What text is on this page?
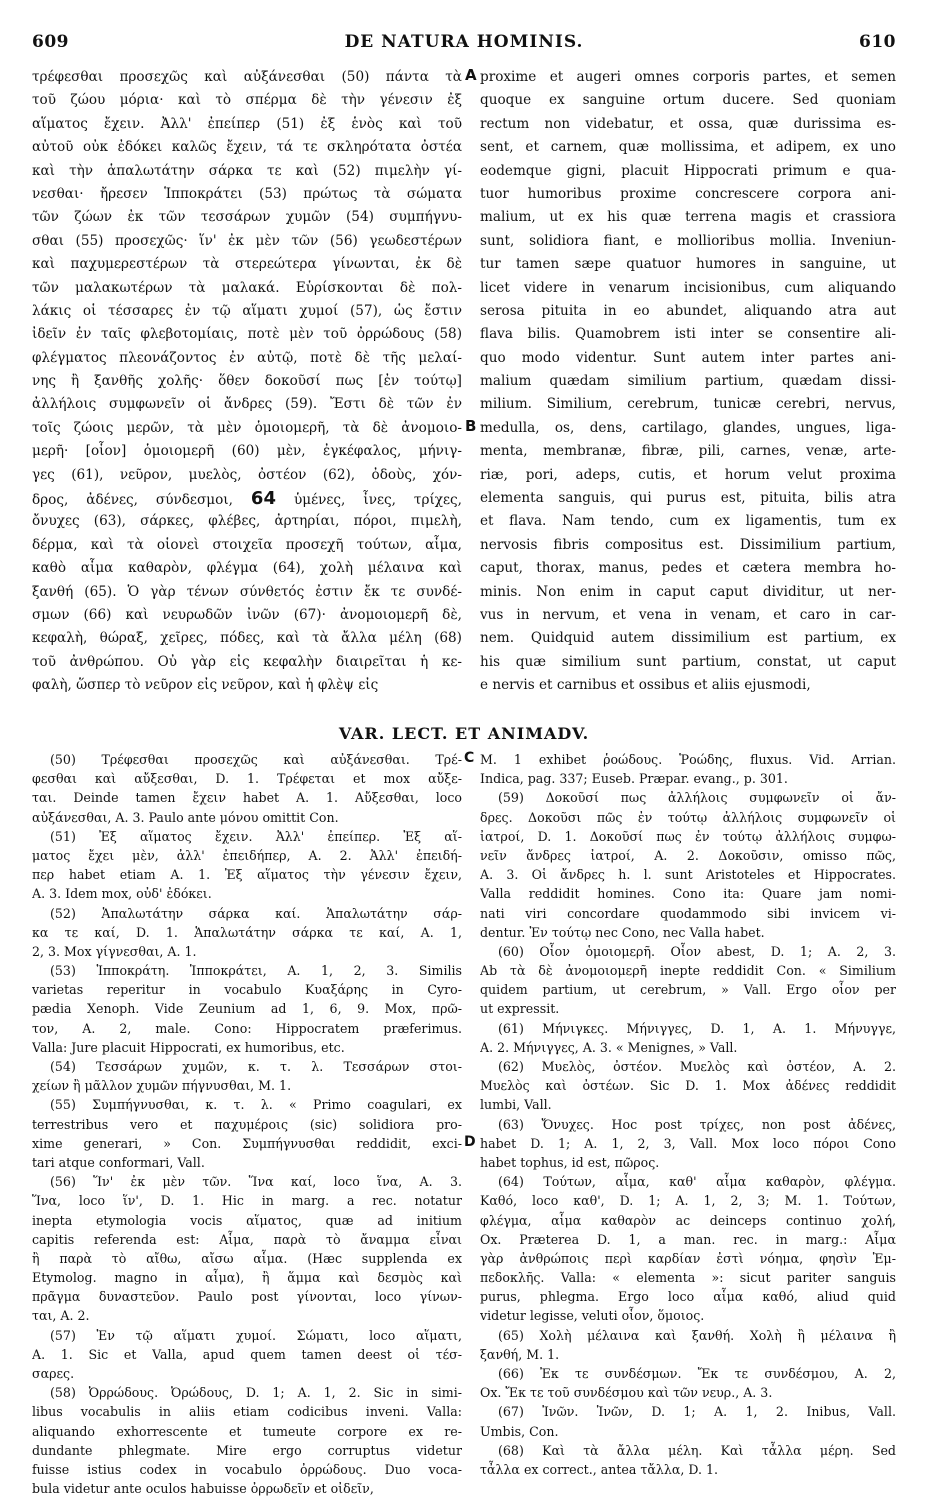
609	DE NATURA HOMINIS.	610
τρέφεσθαι προσεχῶς καὶ αὐξάνεσθαι (50) πάντα τὰ
τοῦ ζώου μόρια· καὶ τὸ σπέρμα δὲ τὴν γένεσιν ἐξ
αἵματος ἔχειν. Ἀλλ' ἐπείπερ (51) ἐξ ἑνὸς καὶ τοῦ
αὐτοῦ οὐκ ἐδόκει καλῶς ἔχειν, τά τε σκληρότατα ὀστέα
καὶ τὴν ἁπαλωτάτην σάρκα τε καὶ (52) πιμελὴν γί-
νεσθαι· ἤρεσεν Ἱπποκράτει (53) πρώτως τὰ σώματα
τῶν ζώων ἐκ τῶν τεσσάρων χυμῶν (54) συμπήγνυ-
σθαι (55) προσεχῶς· ἵν' ἐκ μὲν τῶν (56) γεωδεστέρων
καὶ παχυμερεστέρων τὰ στερεώτερα γίνωνται, ἐκ δὲ
τῶν μαλακωτέρων τὰ μαλακά. Εὑρίσκονται δὲ πολ-
λάκις οἱ τέσσαρες ἐν τῷ αἵματι χυμοί (57), ὡς ἔστιν
ἰδεῖν ἐν ταῖς φλεβοτομίαις, ποτὲ μὲν τοῦ ὀρρώδους (58)
φλέγματος πλεονάζοντος ἐν αὐτῷ, ποτὲ δὲ τῆς μελαί-
νης ἢ ξανθῆς χολῆς· ὅθεν δοκοῦσί πως [ἐν τούτῳ]
ἀλλήλοις συμφωνεῖν οἱ ἄνδρες (59). Ἔστι δὲ τῶν ἐν
τοῖς ζώοις μερῶν, τὰ μὲν ὁμοιομερῆ, τὰ δὲ ἀνομοιο-
μερῆ· [οἷον] ὁμοιομερῆ (60) μὲν, ἐγκέφαλος, μήνιγ-
γες (61), νεῦρον, μυελὸς, ὀστέον (62), ὀδοὺς, χόν-
δρος, ἀδένες, σύνδεσμοι, 64 ὑμένες, ἶνες, τρίχες,
ὄνυχες (63), σάρκες, φλέβες, ἀρτηρίαι, πόροι, πιμελὴ,
δέρμα, καὶ τὰ οἱονεὶ στοιχεῖα προσεχῆ τούτων, αἷμα,
καθὸ αἷμα καθαρὸν, φλέγμα (64), χολὴ μέλαινα καὶ
ξανθή (65). Ὁ γὰρ τένων σύνθετός ἐστιν ἔκ τε συνδέ-
σμων (66) καὶ νευρωδῶν ἰνῶν (67)· ἀνομοιομερῆ δὲ,
κεφαλὴ, θώραξ, χεῖρες, πόδες, καὶ τὰ ἄλλα μέλη (68)
τοῦ ἀνθρώπου. Οὐ γὰρ εἰς κεφαλὴν διαιρεῖται ἡ κε-
φαλὴ, ὥσπερ τὸ νεῦρον εἰς νεῦρον, καὶ ἡ φλὲψ εἰς
A
B
proxime et augeri omnes corporis partes, et semen
quoque ex sanguine ortum ducere. Sed quoniam
rectum non videbatur, et ossa, quæ durissima es-
sent, et carnem, quæ mollissima, et adipem, ex uno
eodemque gigni, placuit Hippocrati primum e qua-
tuor humoribus proxime concrescere corpora ani-
malium, ut ex his quæ terrena magis et crassiora
sunt, solidiora fiant, e mollioribus mollia. Inveniun-
tur tamen sæpe quatuor humores in sanguine, ut
licet videre in venarum incisionibus, cum aliquando
serosa pituita in eo abundet, aliquando atra aut
flava bilis. Quamobrem isti inter se consentire ali-
quo modo videntur. Sunt autem inter partes ani-
malium quædam similium partium, quædam dissi-
milium. Similium, cerebrum, tunicæ cerebri, nervus,
medulla, os, dens, cartilago, glandes, ungues, liga-
menta, membranæ, fibræ, pili, carnes, venæ, arte-
riæ, pori, adeps, cutis, et horum velut proxima
elementa sanguis, qui purus est, pituita, bilis atra
et flava. Nam tendo, cum ex ligamentis, tum ex
nervosis fibris compositus est. Dissimilium partium,
caput, thorax, manus, pedes et cætera membra ho-
minis. Non enim in caput caput dividitur, ut ner-
vus in nervum, et vena in venam, et caro in car-
nem. Quidquid autem dissimilium est partium, ex
his quæ similium sunt partium, constat, ut caput
e nervis et carnibus et ossibus et aliis ejusmodi,
VAR. LECT. ET ANIMADV.
(50) Τρέφεσθαι προσεχῶς καὶ αὐξάνεσθαι. Τρέ-
φεσθαι καὶ αὔξεσθαι, D. 1. Τρέφεται et mox αὔξε-
ται. Deinde tamen ἔχειν habet A. 1. Αὔξεσθαι, loco
αὐξάνεσθαι, A. 3. Paulo ante μόνου omittit Con.
(51) Ἐξ αἵματος ἔχειν. Ἀλλ' ἐπείπερ. Ἐξ αἵ-
ματος ἔχει μὲν, ἀλλ' ἐπειδήπερ, A. 2. Ἀλλ' ἐπειδή-
περ habet etiam A. 1. Ἐξ αἵματος τὴν γένεσιν ἔχειν,
A. 3. Idem mox, οὐδ' ἐδόκει.
(52) Ἁπαλωτάτην σάρκα καί. Ἁπαλωτάτην σάρ-
κα τε καί, D. 1. Ἁπαλωτάτην σάρκα τε καί, A. 1,
2, 3. Mox γίγνεσθαι, A. 1.
(53) Ἱπποκράτη. Ἱπποκράτει, A. 1, 2, 3. Similis
varietas reperitur in vocabulo Κυαξάρης in Cyro-
pædia Xenoph. Vide Zeunium ad 1, 6, 9. Mox, πρῶ-
τον, A. 2, male. Cono: Hippocratem præferimus.
Valla: Jure placuit Hippocrati, ex humoribus, etc.
(54) Τεσσάρων χυμῶν, κ. τ. λ. Τεσσάρων στοι-
χείων ἢ μᾶλλον χυμῶν πήγνυσθαι, M. 1.
(55) Συμπήγνυσθαι, κ. τ. λ. « Primo coagulari, ex
terrestribus vero et παχυμέροις (sic) solidiora pro-
xime generari, » Con. Συμπήγνυσθαι reddidit, exci-
tari atque conformari, Vall.
(56) Ἵν' ἐκ μὲν τῶν. Ἵνα καί, loco ἵνα, A. 3.
Ἵνα, loco ἵν', D. 1. Hic in marg. a rec. notatur
inepta etymologia vocis αἵματος, quæ ad initium
capitis referenda est: Αἷμα, παρὰ τὸ ἄναμμα εἶναι
ἢ παρὰ τὸ αἴθω, αἴσω αἷμα. (Hæc supplenda ex
Etymolog. magno in αἷμα), ἢ ἅμμα καὶ δεσμὸς καὶ
πρᾶγμα δυναστεῦον. Paulo post γίνονται, loco γίνων-
ται, A. 2.
(57) Ἐν τῷ αἵματι χυμοί. Σώματι, loco αἵματι,
A. 1. Sic et Valla, apud quem tamen deest οἱ τέσ-
σαρες.
(58) Ὀρρώδους. Ὀρώδους, D. 1; A. 1, 2. Sic in simi-
libus vocabulis in aliis etiam codicibus inveni. Valla:
aliquando exhorrescente et tumeute corpore ex re-
dundante phlegmate. Mire ergo corruptus videtur
fuisse istius codex in vocabulo ὀρρώδους. Duo voca-
bula videtur ante oculos habuisse ὀρρωδεῖν et οἰδεῖν,
C
D
M. 1 exhibet ῥοώδους. Ῥοώδης, fluxus. Vid. Arrian.
Indica, pag. 337; Euseb. Præpar. evang., p. 301.
(59) Δοκοῦσί πως ἀλλήλοις συμφωνεῖν οἱ ἄν-
δρες. Δοκοῦσι πῶς ἐν τούτῳ ἀλλήλοις συμφωνεῖν οἱ
ἰατροί, D. 1. Δοκοῦσί πως ἐν τούτῳ ἀλλήλοις συμφω-
νεῖν ἄνδρες ἰατροί, A. 2. Δοκοῦσιν, omisso πῶς,
A. 3. Οἱ ἄνδρες h. l. sunt Aristoteles et Hippocrates.
Valla reddidit homines. Cono ita: Quare jam nomi-
nati viri concordare quodammodo sibi invicem vi-
dentur. Ἐν τούτῳ nec Cono, nec Valla habet.
(60) Οἷον ὁμοιομερῆ. Οἷον abest, D. 1; A. 2, 3.
Ab τὰ δὲ ἀνομοιομερῆ inepte reddidit Con. « Similium
quidem partium, ut cerebrum, » Vall. Ergo οἷον per
ut expressit.
(61) Μήνιγκες. Μήνιγγες, D. 1, A. 1. Μήνυγγε,
A. 2. Μήνιγγες, A. 3. « Menignes, » Vall.
(62) Μυελὸς, ὀστέον. Μυελὸς καὶ ὀστέον, A. 2.
Μυελὸς καὶ ὀστέων. Sic D. 1. Mox ἀδένες reddidit
lumbi, Vall.
(63) Ὄνυχες. Hoc post τρίχες, non post ἀδένες,
habet D. 1; A. 1, 2, 3, Vall. Mox loco πόροι Cono
habet tophus, id est, πῶρος.
(64) Τούτων, αἷμα, καθ' αἷμα καθαρὸν, φλέγμα.
Καθό, loco καθ', D. 1; A. 1, 2, 3; M. 1. Τούτων,
φλέγμα, αἷμα καθαρὸν ac deinceps continuo χολή,
Ox. Præterea D. 1, a man. rec. in marg.: Αἷμα
γὰρ ἀνθρώποις περὶ καρδίαν ἐστὶ νόημα, φησὶν Ἐμ-
πεδοκλῆς. Valla: « elementa »: sicut pariter sanguis
purus, phlegma. Ergo loco αἷμα καθό, aliud quid
videtur legisse, veluti οἷον, ὅμοιος.
(65) Χολὴ μέλαινα καὶ ξανθή. Χολὴ ἢ μέλαινα ἢ
ξανθή, M. 1.
(66) Ἐκ τε συνδέσμων. Ἔκ τε συνδέσμου, A. 2,
Ox. Ἔκ τε τοῦ συνδέσμου καὶ τῶν νευρ., A. 3.
(67) Ἰνῶν. Ἰνῶν, D. 1; A. 1, 2. Inibus, Vall.
Umbis, Con.
(68) Καὶ τὰ ἄλλα μέλη. Καὶ τἆλλα μέρη. Sed
τἆλλα ex correct., antea τἄλλα, D. 1.
